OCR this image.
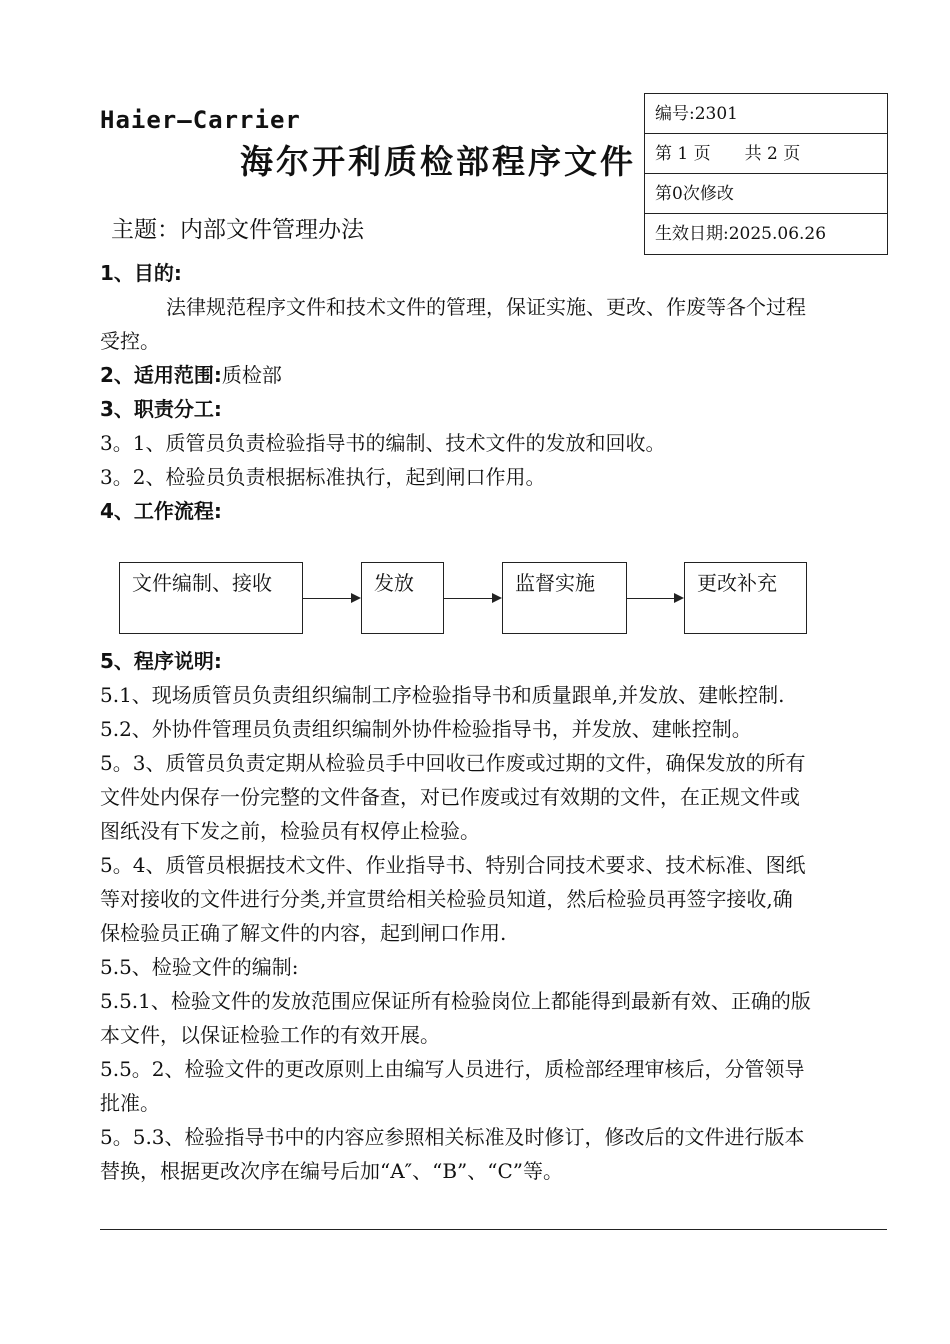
Haier—Carrier
海尔开利质检部程序文件
主题：内部文件管理办法
编号:2301
第 1 页 共 2 页
第0次修改
生效日期:2025.06.26
1、目的:
法律规范程序文件和技术文件的管理，保证实施、更改、作废等各个过程
受控。
2、适用范围:质检部
3、职责分工:
3。1、质管员负责检验指导书的编制、技术文件的发放和回收。
3。2、检验员负责根据标准执行，起到闸口作用。
4、工作流程:
文件编制、接收	发放	监督实施	更改补充
5、程序说明:
5.1、现场质管员负责组织编制工序检验指导书和质量跟单,并发放、建帐控制.
5.2、外协件管理员负责组织编制外协件检验指导书，并发放、建帐控制。
5。3、质管员负责定期从检验员手中回收已作废或过期的文件，确保发放的所有
文件处内保存一份完整的文件备查，对已作废或过有效期的文件，在正规文件或
图纸没有下发之前，检验员有权停止检验。
5。4、质管员根据技术文件、作业指导书、特别合同技术要求、技术标准、图纸
等对接收的文件进行分类,并宣贯给相关检验员知道，然后检验员再签字接收,确
保检验员正确了解文件的内容，起到闸口作用.
5.5、检验文件的编制:
5.5.1、检验文件的发放范围应保证所有检验岗位上都能得到最新有效、正确的版
本文件，以保证检验工作的有效开展。
5.5。2、检验文件的更改原则上由编写人员进行，质检部经理审核后，分管领导
批准。
5。5.3、检验指导书中的内容应参照相关标准及时修订，修改后的文件进行版本
替换，根据更改次序在编号后加“A″、“B”、“C”等。
